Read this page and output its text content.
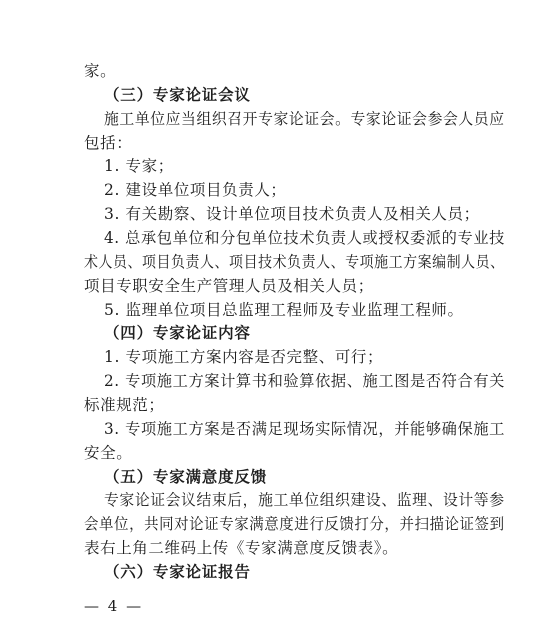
家。
（三）专家论证会议
施工单位应当组织召开专家论证会。专家论证会参会人员应
包括：
1. 专家；
2. 建设单位项目负责人；
3. 有关勘察、设计单位项目技术负责人及相关人员；
4. 总承包单位和分包单位技术负责人或授权委派的专业技
术人员、项目负责人、项目技术负责人、专项施工方案编制人员、
项目专职安全生产管理人员及相关人员；
5. 监理单位项目总监理工程师及专业监理工程师。
（四）专家论证内容
1. 专项施工方案内容是否完整、可行；
2. 专项施工方案计算书和验算依据、施工图是否符合有关
标准规范；
3. 专项施工方案是否满足现场实际情况，并能够确保施工
安全。
（五）专家满意度反馈
专家论证会议结束后，施工单位组织建设、监理、设计等参
会单位，共同对论证专家满意度进行反馈打分，并扫描论证签到
表右上角二维码上传《专家满意度反馈表》。
（六）专家论证报告
— 4 —
